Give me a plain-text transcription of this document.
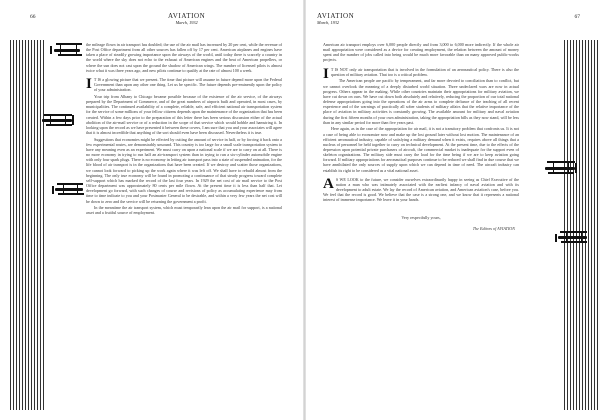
66	AVIATION
March, 1932

the mileage flown in air transport has doubled; the use of the air mail has increased by 20 per cent, while the revenue of the Post Office department from all other sources has fallen off by 17 per cent. American airplanes and engines have taken a place of steadily growing importance upon the airways of the world, until today there is scarcely a country in the world where the sky does not echo to the exhaust of American engines and the beat of American propellers, or where the sun does not cast upon the ground the shadow of American wings. The number of licensed pilots is almost twice what it was three years ago, and new pilots continue to qualify at the rate of almost 100 a week.

I T IS a glowing picture that we present. The time that picture will assume in future depend more upon the Federal Government than upon any other one thing. Let us be specific. The future depends pre-eminently upon the policy of your administration.

Your trip from Albany to Chicago became possible because of the existence of the air service, of the airways prepared by the Department of Commerce, and of the great numbers of airports built and operated, in most cases, by municipalities. The continued availability of a complete, reliable, safe, and efficient national air transportation system for the service of some millions of your fellow citizens depends upon the maintenance of the organization that has been created. Within a few days prior to the preparation of this letter there has been serious discussion either of the actual abolition of the air-mail service or of a reduction in the scope of that service which would hobble and hamstring it. In looking upon the record as we have presented it between these covers, I am sure that you and your associates will agree that it is almost incredible that anything of the sort should even have been discussed. Nevertheless it is true.

Suggestions that economies might be effected by cutting the amount of service in half, or by forcing it back onto a few experimental routes, are demonstrably unsound. This country is too large for a small scale transportation system to have any meaning even as an experiment. We must carry on upon a national scale if we are to carry on at all. There is no more economy in trying to run half an air-transport system than in trying to run a six-cylinder automobile engine with only four spark plugs. There is no economy in letting air transport pass into a state of suspended animation, for the life blood of air transport is in the organizations that have been created. If we destroy and scatter those organizations, we cannot look forward to picking up the work again where it was left off. We shall have to rebuild almost from the beginning. The only true economy will be found in promoting a continuance of that steady progress toward complete self-support which has marked the record of the last four years. In 1929 the net cost of air mail service to the Post Office department was approximately 80 cents per mile flown. At the present time it is less than half that. Let development go forward, with such changes of course and revisions of policy as accumulating experience may from time to time indicate to you and your Postmaster General to be desirable, and within a very few years the net cost will be down to zero and the service will be returning the government a profit.

In the meantime the air transport system, which must temporarily lean upon the air mail for support, is a national asset and a fruitful source of employment.

67
AVIATION
March, 1932

American air transport employs over 6,000 people directly and from 3,000 to 6,000 more indirectly. If the whole air mail appropriation were considered as a device for creating employment, the relation between the amount of money spent and the number of jobs called into being would be much more favorable than on many approved public-works projects.

I T IS NOT only air transportation that is involved in the formulation of an aeronautical policy. There is also the question of military aviation. That too is a critical problem.

The American people are pacific by temperament, and far more devoted to conciliation than to conflict, but we cannot overlook the meaning of a deeply disturbed world situation. Three undeclared wars are now in actual progress. Others appear in the making. While other countries maintain their appropriations for military aviation, we have cut down on ours. We have cut down both absolutely and relatively, reducing the proportion of our total national defense appropriations going into the operations of the air arms to complete defiance of the teaching of all recent experience and of the warnings of practically all sober students of military affairs that the relative importance of the place of aviation in military activities is constantly growing. The available amount for military and naval aviation during the first fifteen months of your own administration, taking the appropriation bills as they now stand, will be less than in any similar period for more than five years past.

Here again, as in the case of the appropriation for air mail, it is not a transitory problem that confronts us. It is not a case of being able to economize now and make up the lost ground later without lost motion. The maintenance of an efficient aeronautical industry, capable of satisfying a military demand when it exists, requires above all things that a nucleus of personnel be held together to carry on technical development. At the present time, due to the effects of the depression upon potential private purchasers of aircraft, the commercial market is inadequate for the support even of skeleton organizations. The military side must carry the load for the time being if we are to keep aviation going forward. If military appropriations for aeronautical purposes continue to be reduced we shall find in due course that we have annihilated the only sources of supply upon which we can depend in time of need. The aircraft industry can establish its right to be considered as a vital national asset.

A S WE LOOK to the future, we consider ourselves extraordinarily happy in seeing as Chief Executive of the nation a man who was intimately associated with the earliest infancy of naval aviation and with its development to adult estate. We lay the record of American aviation, and American aviation's case, before you. We feel that the record is good. We believe that the case is a strong one, and we know that it represents a national interest of immense importance. We leave it in your hands.

Very respectfully yours,

The Editors of AVIATION
